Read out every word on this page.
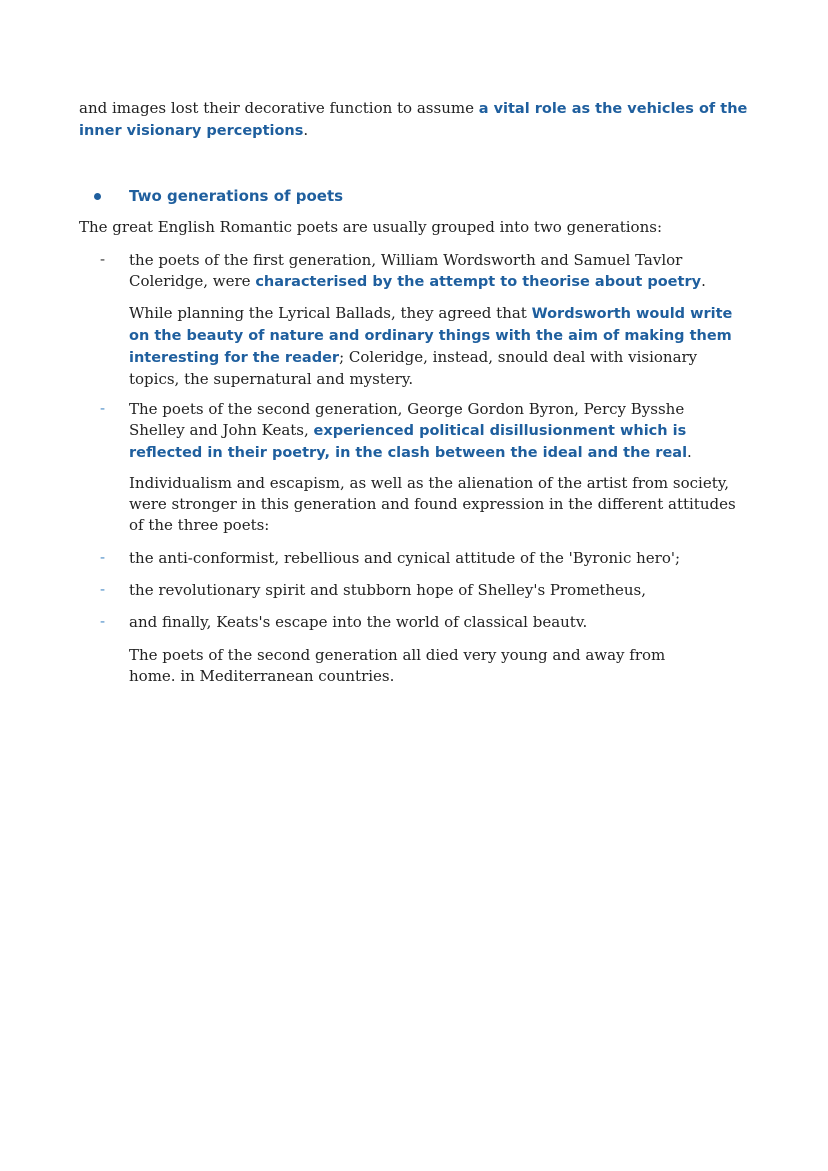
and images lost their decorative function to assume a vital role as the vehicles of the inner visionary perceptions.
Two generations of poets
The great English Romantic poets are usually grouped into two generations:
- the poets of the first generation, William Wordsworth and Samuel Tavlor Coleridge, were characterised by the attempt to theorise about poetry.
While planning the Lyrical Ballads, they agreed that Wordsworth would write on the beauty of nature and ordinary things with the aim of making them interesting for the reader; Coleridge, instead, snould deal with visionary topics, the supernatural and mystery.
- The poets of the second generation, George Gordon Byron, Percy Bysshe Shelley and John Keats, experienced political disillusionment which is reflected in their poetry, in the clash between the ideal and the real.
Individualism and escapism, as well as the alienation of the artist from society, were stronger in this generation and found expression in the different attitudes of the three poets:
- the anti-conformist, rebellious and cynical attitude of the 'Byronic hero';
- the revolutionary spirit and stubborn hope of Shelley's Prometheus,
- and finally, Keats's escape into the world of classical beautv.
The poets of the second generation all died very young and away from home. in Mediterranean countries.
